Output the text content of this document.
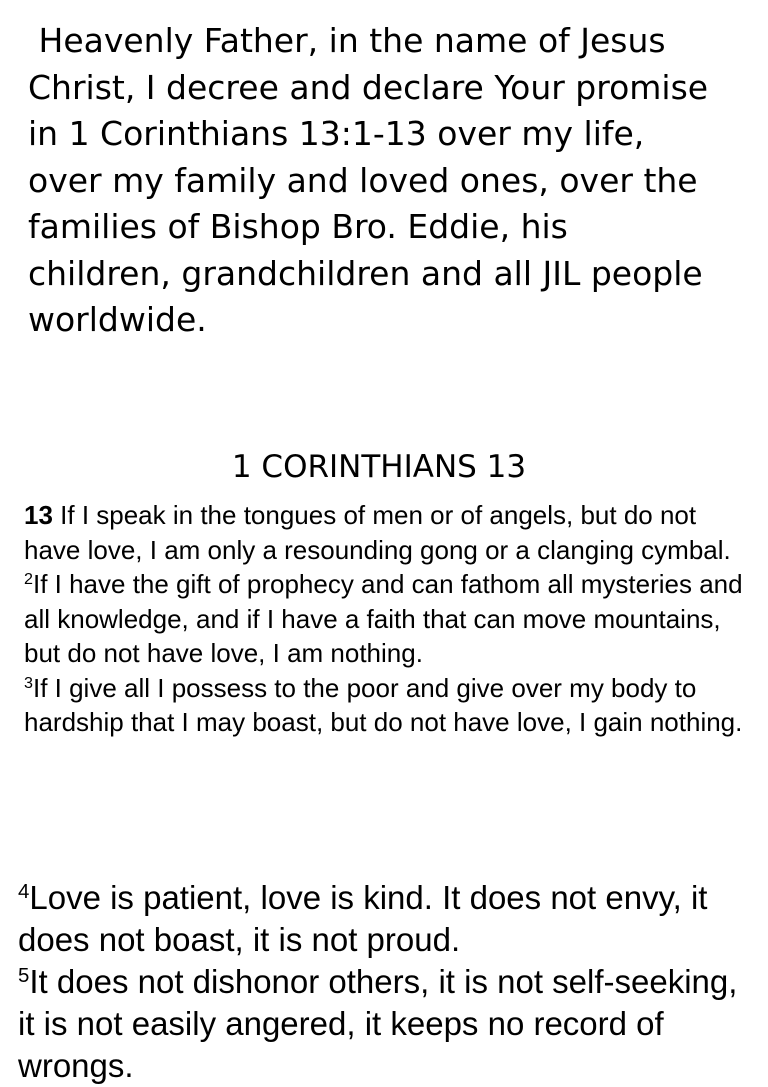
Heavenly Father, in the name of Jesus
Christ, I decree and declare Your promise
in 1 Corinthians 13:1-13 over my life,
over my family and loved ones, over the
families of Bishop Bro. Eddie, his
children, grandchildren and all JIL people
worldwide.
1 CORINTHIANS 13

13 If I speak in the tongues of men or of angels, but do not have love, I am only a resounding gong or a clanging cymbal.

$^2$If I have the gift of prophecy and can fathom all mysteries and all knowledge, and if I have a faith that can move mountains, but do not have love, I am nothing.

$^3$If I give all I possess to the poor and give over my body to hardship that I may boast, but do not have love, I gain nothing.

$^4$Love is patient, love is kind. It does not envy, it does not boast, it is not proud.

$^5$It does not dishonor others, it is not self-seeking, it is not easily angered, it keeps no record of wrongs.
